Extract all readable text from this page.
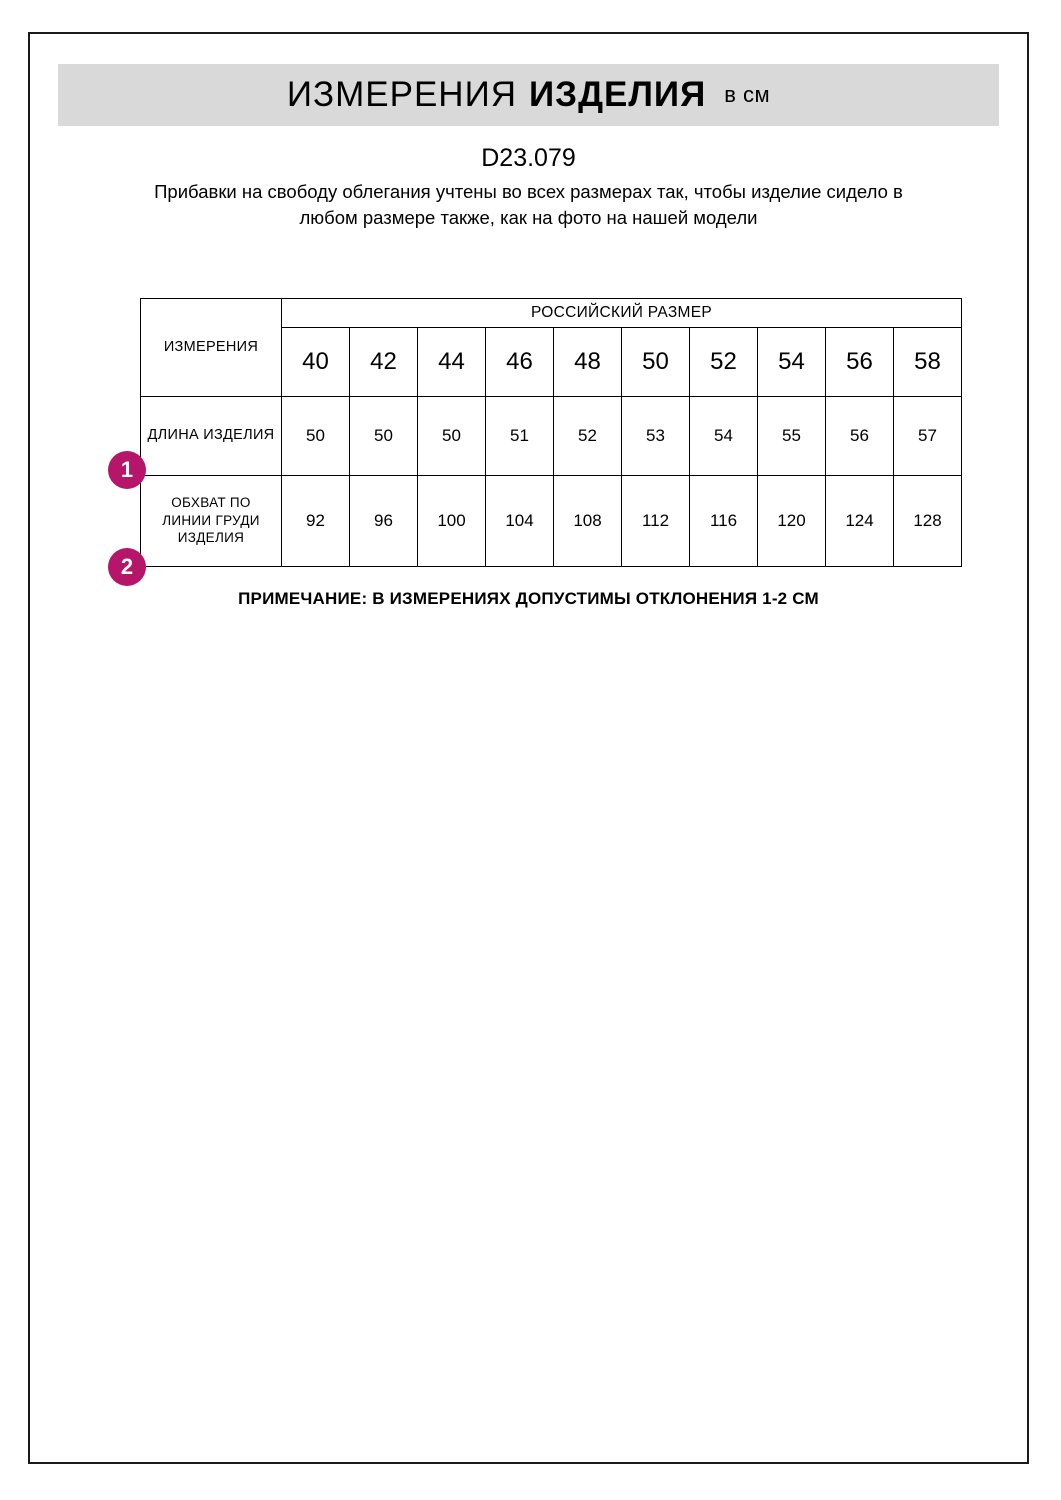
ИЗМЕРЕНИЯ ИЗДЕЛИЯ в см
D23.079
Прибавки на свободу облегания учтены во всех размерах так, чтобы изделие сидело в любом размере также, как на фото на нашей модели
1
2
ИЗМЕРЕНИЯ	РОССИЙСКИЙ РАЗМЕР									
	40	42	44	46	48	50	52	54	56	58
ДЛИНА ИЗДЕЛИЯ	50	50	50	51	52	53	54	55	56	57
ОБХВАТ ПО ЛИНИИ ГРУДИ ИЗДЕЛИЯ	92	96	100	104	108	112	116	120	124	128
ПРИМЕЧАНИЕ: В ИЗМЕРЕНИЯХ ДОПУСТИМЫ ОТКЛОНЕНИЯ 1-2 СМ
